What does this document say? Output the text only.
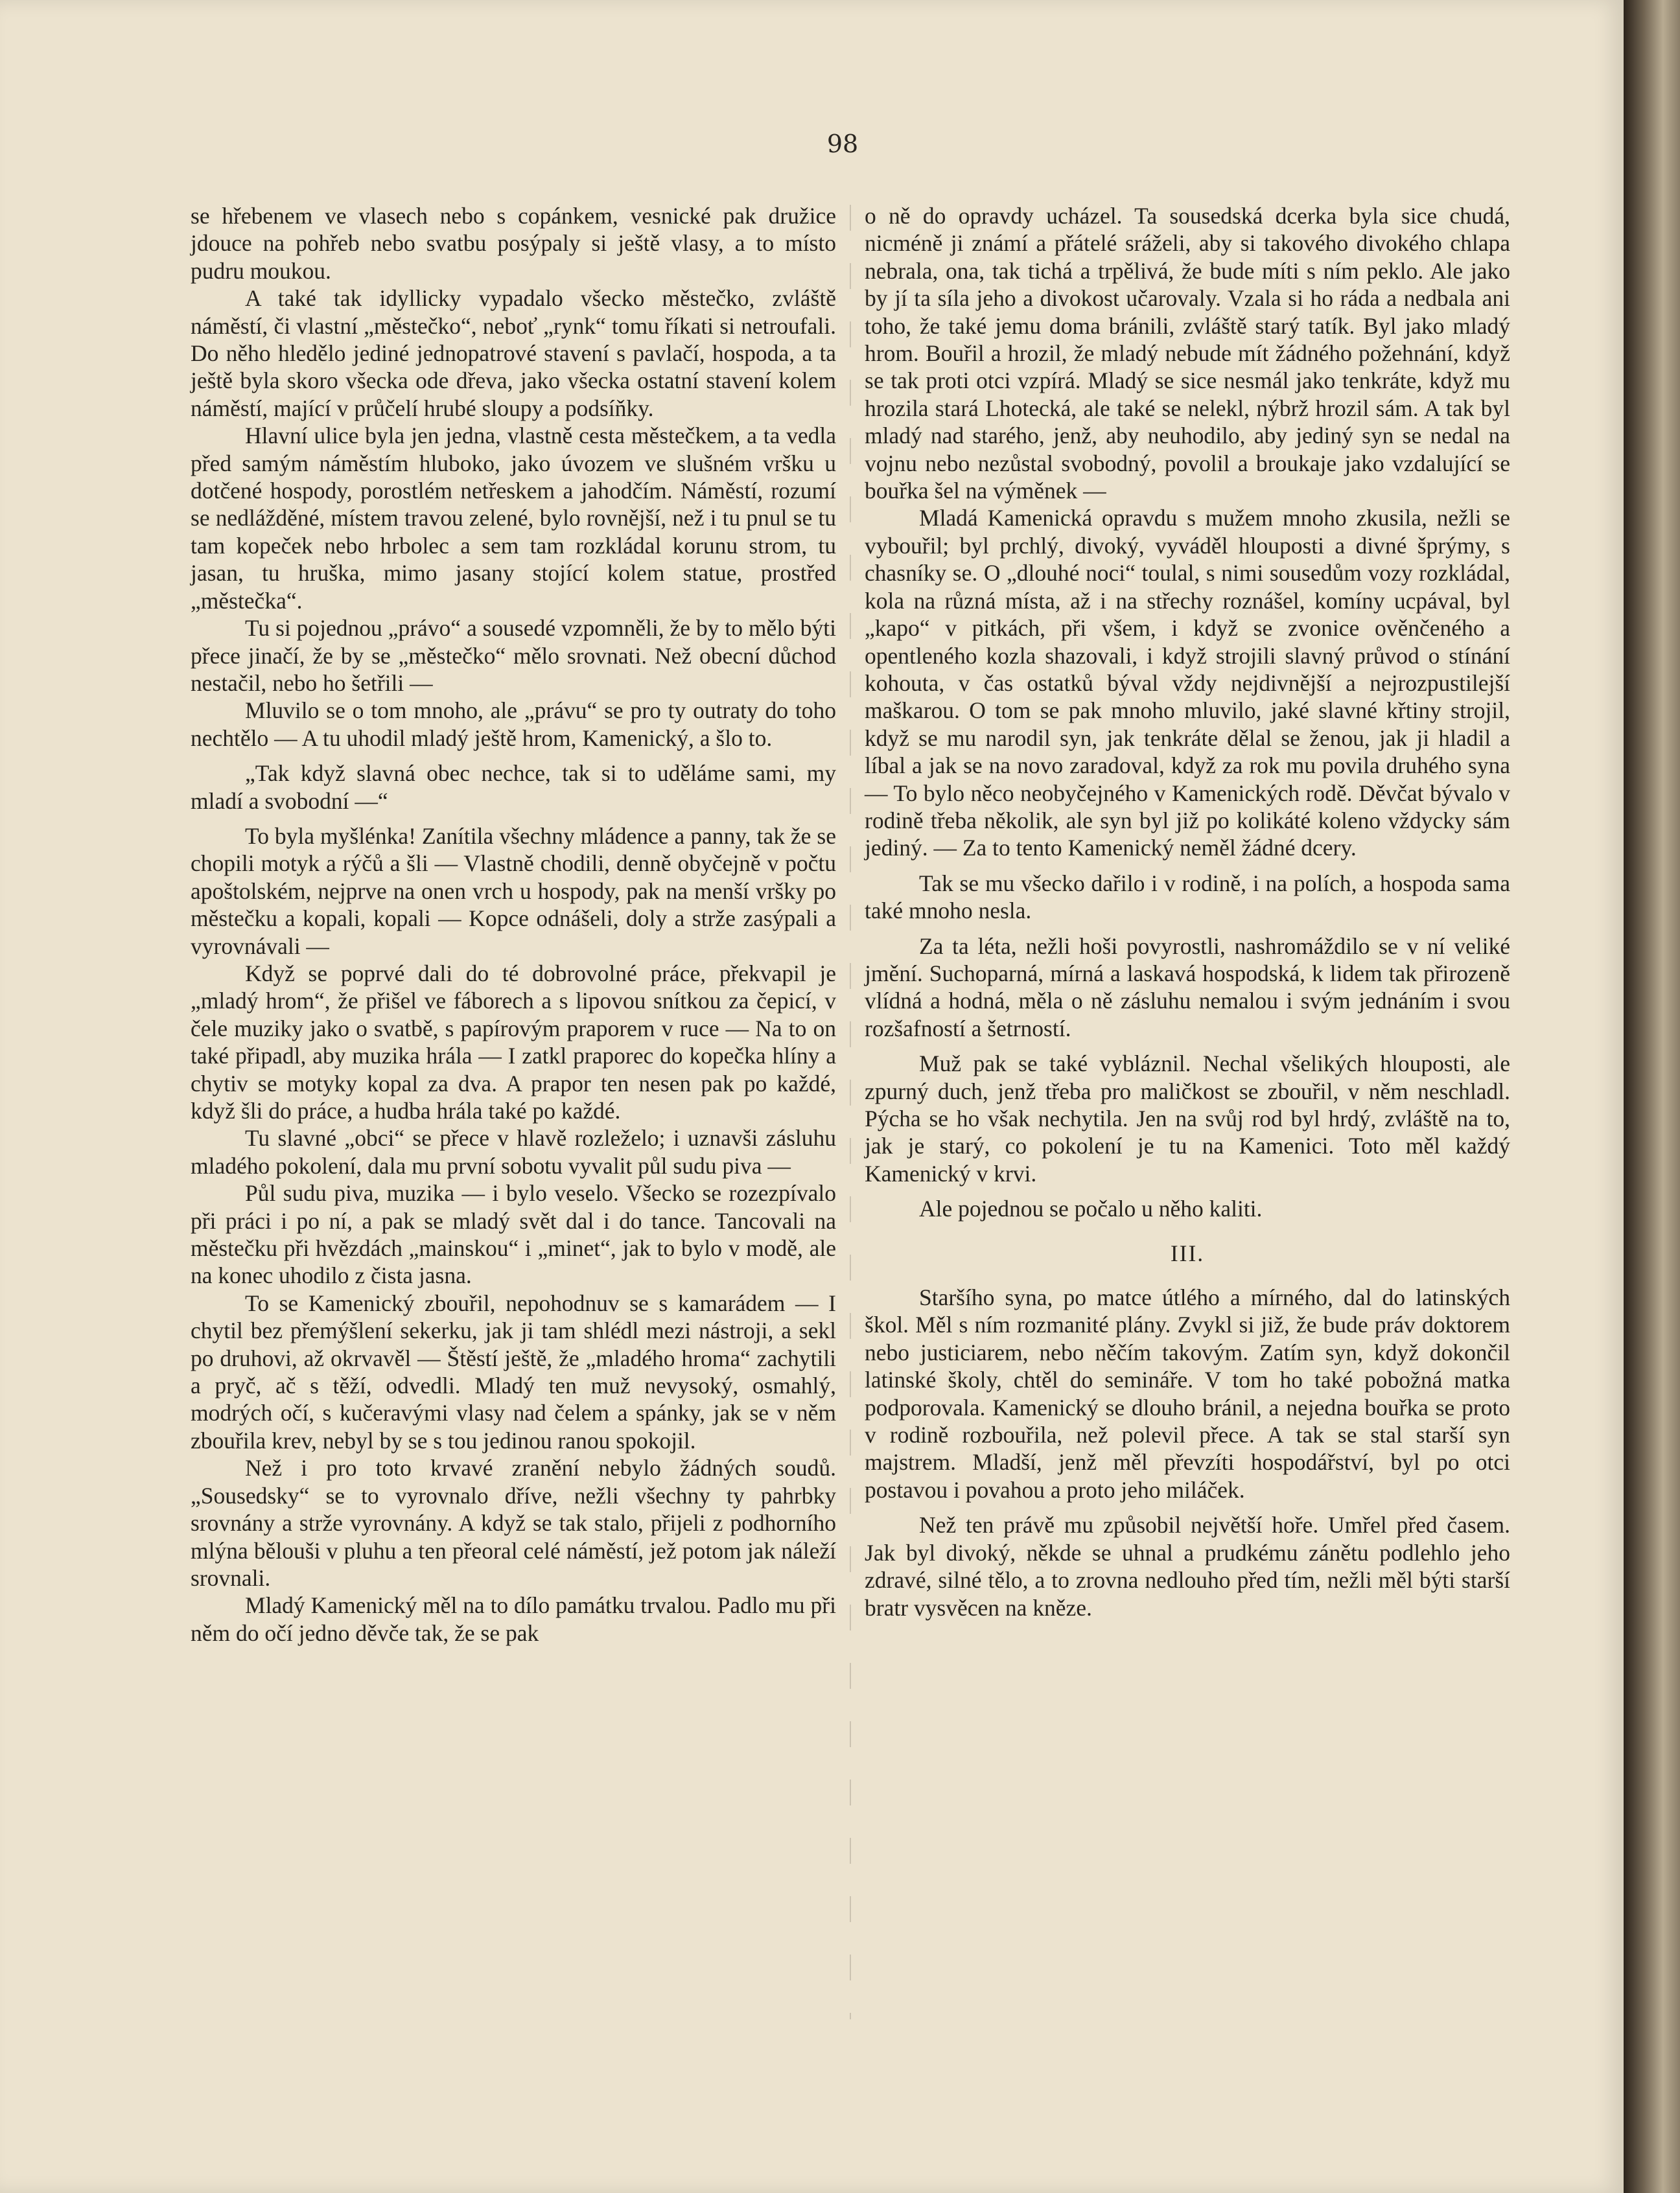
98

se hřebenem ve vlasech nebo s copánkem, vesnické pak družice jdouce na pohřeb nebo svatbu posýpaly si ještě vlasy, a to místo pudru moukou.

A také tak idyllicky vypadalo všecko městečko, zvláště náměstí, či vlastní „městečko“, neboť „rynk“ tomu říkati si netroufali. Do něho hledělo jediné jednopatrové stavení s pavlačí, hospoda, a ta ještě byla skoro všecka ode dřeva, jako všecka ostatní stavení kolem náměstí, mající v průčelí hrubé sloupy a podsíňky.

Hlavní ulice byla jen jedna, vlastně cesta městečkem, a ta vedla před samým náměstím hluboko, jako úvozem ve slušném vršku u dotčené hospody, porostlém netřeskem a jahodčím. Náměstí, rozumí se nedlážděné, místem travou zelené, bylo rovnější, než i tu pnul se tu tam kopeček nebo hrbolec a sem tam rozkládal korunu strom, tu jasan, tu hruška, mimo jasany stojící kolem statue, prostřed „městečka“.

Tu si pojednou „právo“ a sousedé vzpomněli, že by to mělo býti přece jinačí, že by se „městečko“ mělo srovnati. Než obecní důchod nestačil, nebo ho šetřili —

Mluvilo se o tom mnoho, ale „právu“ se pro ty outraty do toho nechtělo — A tu uhodil mladý ještě hrom, Kamenický, a šlo to.

„Tak když slavná obec nechce, tak si to uděláme sami, my mladí a svobodní —“

To byla myšlénka! Zanítila všechny mládence a panny, tak že se chopili motyk a rýčů a šli — Vlastně chodili, denně obyčejně v počtu apoštolském, nejprve na onen vrch u hospody, pak na menší vršky po městečku a kopali, kopali — Kopce odnášeli, doly a strže zasýpali a vyrovnávali —

Když se poprvé dali do té dobrovolné práce, překvapil je „mladý hrom“, že přišel ve fáborech a s lipovou snítkou za čepicí, v čele muziky jako o svatbě, s papírovým praporem v ruce — Na to on také připadl, aby muzika hrála — I zatkl praporec do kopečka hlíny a chytiv se motyky kopal za dva. A prapor ten nesen pak po každé, když šli do práce, a hudba hrála také po každé.

Tu slavné „obci“ se přece v hlavě rozleželo; i uznavši zásluhu mladého pokolení, dala mu první sobotu vyvalit půl sudu piva —

Půl sudu piva, muzika — i bylo veselo. Všecko se rozezpívalo při práci i po ní, a pak se mladý svět dal i do tance. Tancovali na městečku při hvězdách „mainskou“ i „minet“, jak to bylo v modě, ale na konec uhodilo z čista jasna.

To se Kamenický zbouřil, nepohodnuv se s kamarádem — I chytil bez přemýšlení sekerku, jak ji tam shlédl mezi nástroji, a sekl po druhovi, až okrvavěl — Štěstí ještě, že „mladého hroma“ zachytili a pryč, ač s těží, odvedli. Mladý ten muž nevysoký, osmahlý, modrých očí, s kučeravými vlasy nad čelem a spánky, jak se v něm zbouřila krev, nebyl by se s tou jedinou ranou spokojil.

Než i pro toto krvavé zranění nebylo žádných soudů. „Sousedsky“ se to vyrovnalo dříve, nežli všechny ty pahrbky srovnány a strže vyrovnány. A když se tak stalo, přijeli z podhorního mlýna bělouši v pluhu a ten přeoral celé náměstí, jež potom jak náleží srovnali.

Mladý Kamenický měl na to dílo památku trvalou. Padlo mu při něm do očí jedno děvče tak, že se pak

o ně do opravdy ucházel. Ta sousedská dcerka byla sice chudá, nicméně ji známí a přátelé sráželi, aby si takového divokého chlapa nebrala, ona, tak tichá a trpělivá, že bude míti s ním peklo. Ale jako by jí ta síla jeho a divokost učarovaly. Vzala si ho ráda a nedbala ani toho, že také jemu doma bránili, zvláště starý tatík. Byl jako mladý hrom. Bouřil a hrozil, že mladý nebude mít žádného požehnání, když se tak proti otci vzpírá. Mladý se sice nesmál jako tenkráte, když mu hrozila stará Lhotecká, ale také se nelekl, nýbrž hrozil sám. A tak byl mladý nad starého, jenž, aby neuhodilo, aby jediný syn se nedal na vojnu nebo nezůstal svobodný, povolil a broukaje jako vzdalující se bouřka šel na výměnek —

Mladá Kamenická opravdu s mužem mnoho zkusila, nežli se vybouřil; byl prchlý, divoký, vyváděl hlouposti a divné šprýmy, s chasníky se. O „dlouhé noci“ toulal, s nimi sousedům vozy rozkládal, kola na různá místa, až i na střechy roznášel, komíny ucpával, byl „kapo“ v pitkách, při všem, i když se zvonice ověnčeného a opentleného kozla shazovali, i když strojili slavný průvod o stínání kohouta, v čas ostatků býval vždy nejdivnější a nejrozpustilejší maškarou. O tom se pak mnoho mluvilo, jaké slavné křtiny strojil, když se mu narodil syn, jak tenkráte dělal se ženou, jak ji hladil a líbal a jak se na novo zaradoval, když za rok mu povila druhého syna — To bylo něco neobyčejného v Kamenických rodě. Děvčat bývalo v rodině třeba několik, ale syn byl již po kolikáté koleno vždycky sám jediný. — Za to tento Kamenický neměl žádné dcery.

Tak se mu všecko dařilo i v rodině, i na polích, a hospoda sama také mnoho nesla.

Za ta léta, nežli hoši povyrostli, nashromáždilo se v ní veliké jmění. Suchoparná, mírná a laskavá hospodská, k lidem tak přirozeně vlídná a hodná, měla o ně zásluhu nemalou i svým jednáním i svou rozšafností a šetrností.

Muž pak se také vybláznil. Nechal všelikých hlouposti, ale zpurný duch, jenž třeba pro maličkost se zbouřil, v něm neschladl. Pýcha se ho však nechytila. Jen na svůj rod byl hrdý, zvláště na to, jak je starý, co pokolení je tu na Kamenici. Toto měl každý Kamenický v krvi.

Ale pojednou se počalo u něho kaliti.

III.

Staršího syna, po matce útlého a mírného, dal do latinských škol. Měl s ním rozmanité plány. Zvykl si již, že bude práv doktorem nebo justiciarem, nebo něčím takovým. Zatím syn, když dokončil latinské školy, chtěl do semináře. V tom ho také pobožná matka podporovala. Kamenický se dlouho bránil, a nejedna bouřka se proto v rodině rozbouřila, než polevil přece. A tak se stal starší syn majstrem. Mladší, jenž měl převzíti hospodářství, byl po otci postavou i povahou a proto jeho miláček.

Než ten právě mu způsobil největší hoře. Umřel před časem. Jak byl divoký, někde se uhnal a prudkému zánětu podlehlo jeho zdravé, silné tělo, a to zrovna nedlouho před tím, nežli měl býti starší bratr vysvěcen na kněze.
